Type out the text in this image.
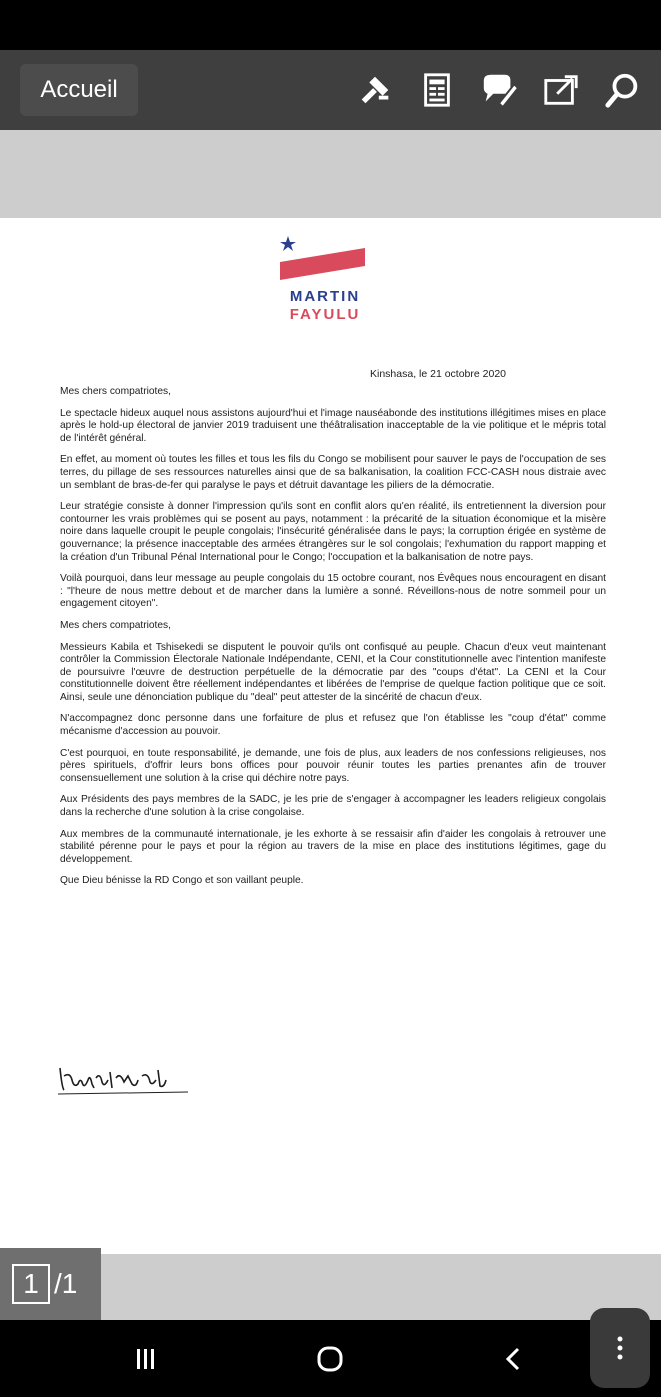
Accueil
MARTIN
FAYULU
Kinshasa, le 21 octobre 2020

Mes chers compatriotes,

Le spectacle hideux auquel nous assistons aujourd'hui et l'image nauséabonde des institutions illégitimes mises en place après le hold-up électoral de janvier 2019 traduisent une théâtralisation inacceptable de la vie politique et le mépris total de l'intérêt général.

En effet, au moment où toutes les filles et tous les fils du Congo se mobilisent pour sauver le pays de l'occupation de ses terres, du pillage de ses ressources naturelles ainsi que de sa balkanisation, la coalition FCC-CASH nous distraie avec un semblant de bras-de-fer qui paralyse le pays et détruit davantage les piliers de la démocratie.

Leur stratégie consiste à donner l'impression qu'ils sont en conflit alors qu'en réalité, ils entretiennent la diversion pour contourner les vrais problèmes qui se posent au pays, notamment : la précarité de la situation économique et la misère noire dans laquelle croupit le peuple congolais; l'insécurité généralisée dans le pays; la corruption érigée en système de gouvernance; la présence inacceptable des armées étrangères sur le sol congolais; l'exhumation du rapport mapping et la création d'un Tribunal Pénal International pour le Congo; l'occupation et la balkanisation de notre pays.

Voilà pourquoi, dans leur message au peuple congolais du 15 octobre courant, nos Évêques nous encouragent en disant : "l'heure de nous mettre debout et de marcher dans la lumière a sonné. Réveillons-nous de notre sommeil pour un engagement citoyen".

Mes chers compatriotes,

Messieurs Kabila et Tshisekedi se disputent le pouvoir qu'ils ont confisqué au peuple. Chacun d'eux veut maintenant contrôler la Commission Électorale Nationale Indépendante, CENI, et la Cour constitutionnelle avec l'intention manifeste de poursuivre l'œuvre de destruction perpétuelle de la démocratie par des "coups d'état". La CENI et la Cour constitutionnelle doivent être réellement indépendantes et libérées de l'emprise de quelque faction politique que ce soit. Ainsi, seule une dénonciation publique du "deal" peut attester de la sincérité de chacun d'eux.

N'accompagnez donc personne dans une forfaiture de plus et refusez que l'on établisse les "coup d'état" comme mécanisme d'accession au pouvoir.

C'est pourquoi, en toute responsabilité, je demande, une fois de plus, aux leaders de nos confessions religieuses, nos pères spirituels, d'offrir leurs bons offices pour pouvoir réunir toutes les parties prenantes afin de trouver consensuellement une solution à la crise qui déchire notre pays.

Aux Présidents des pays membres de la SADC, je les prie de s'engager à accompagner les leaders religieux congolais dans la recherche d'une solution à la crise congolaise.

Aux membres de la communauté internationale, je les exhorte à se ressaisir afin d'aider les congolais à retrouver une stabilité pérenne pour le pays et pour la région au travers de la mise en place des institutions légitimes, gage du développement.

Que Dieu bénisse la RD Congo et son vaillant peuple.

1 /1
